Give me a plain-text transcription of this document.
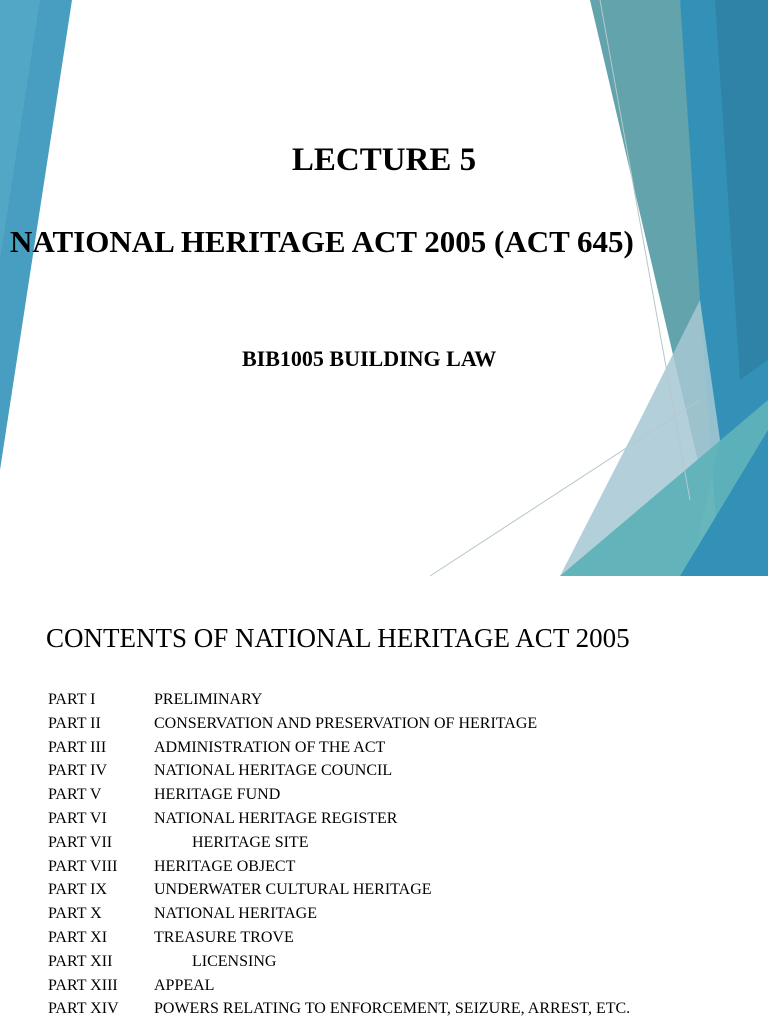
LECTURE 5
NATIONAL HERITAGE ACT 2005 (ACT 645)
BIB1005 BUILDING LAW
CONTENTS OF NATIONAL HERITAGE ACT 2005
PART I	PRELIMINARY
PART II	CONSERVATION AND PRESERVATION OF HERITAGE
PART III	ADMINISTRATION OF THE ACT
PART IV	NATIONAL HERITAGE COUNCIL
PART V	HERITAGE FUND
PART VI	NATIONAL HERITAGE REGISTER
PART VII	HERITAGE SITE
PART VIII	HERITAGE OBJECT
PART IX	UNDERWATER CULTURAL HERITAGE
PART X	NATIONAL HERITAGE
PART XI	TREASURE TROVE
PART XII	LICENSING
PART XIII	APPEAL
PART XIV	POWERS RELATING TO ENFORCEMENT, SEIZURE, ARREST, ETC.
